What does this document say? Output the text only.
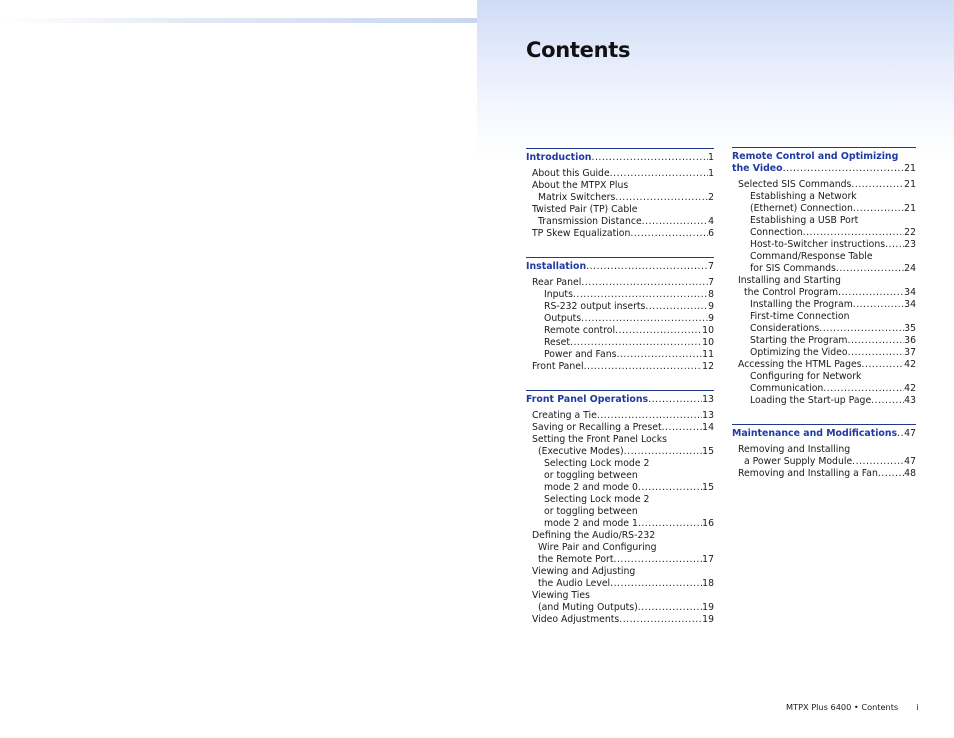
Contents
Introduction .....	1
About this Guide .....	1
About the MTPX Plus
Matrix Switchers .....	2
Twisted Pair (TP) Cable
Transmission Distance .....	4
TP Skew Equalization .....	6
Installation .....	7
Rear Panel .....	7
Inputs .....	8
RS-232 output inserts .....	9
Outputs .....	9
Remote control .....	10
Reset .....	10
Power and Fans .....	11
Front Panel .....	12
Front Panel Operations .....	13
Creating a Tie .....	13
Saving or Recalling a Preset .....	14
Setting the Front Panel Locks
(Executive Modes) .....	15
Selecting Lock mode 2
or toggling between
mode 2 and mode 0 .....	15
Selecting Lock mode 2
or toggling between
mode 2 and mode 1 .....	16
Defining the Audio/RS-232
Wire Pair and Configuring
the Remote Port .....	17
Viewing and Adjusting
the Audio Level .....	18
Viewing Ties
(and Muting Outputs) .....	19
Video Adjustments .....	19
Remote Control and Optimizing
the Video .....	21
Selected SIS Commands .....	21
Establishing a Network
(Ethernet) Connection .....	21
Establishing a USB Port
Connection .....	22
Host-to-Switcher instructions ..... 23
Command/Response Table
for SIS Commands .....	24
Installing and Starting
the Control Program .....	34
Installing the Program .....	34
First-time Connection
Considerations .....	35
Starting the Program .....	36
Optimizing the Video .....	37
Accessing the HTML Pages .....	42
Configuring for Network
Communication .....	42
Loading the Start-up Page .....	43
Maintenance and Modifications ..... 47
Removing and Installing
a Power Supply Module .....	47
Removing and Installing a Fan .....	48
MTPX Plus 6400 • Contents i
